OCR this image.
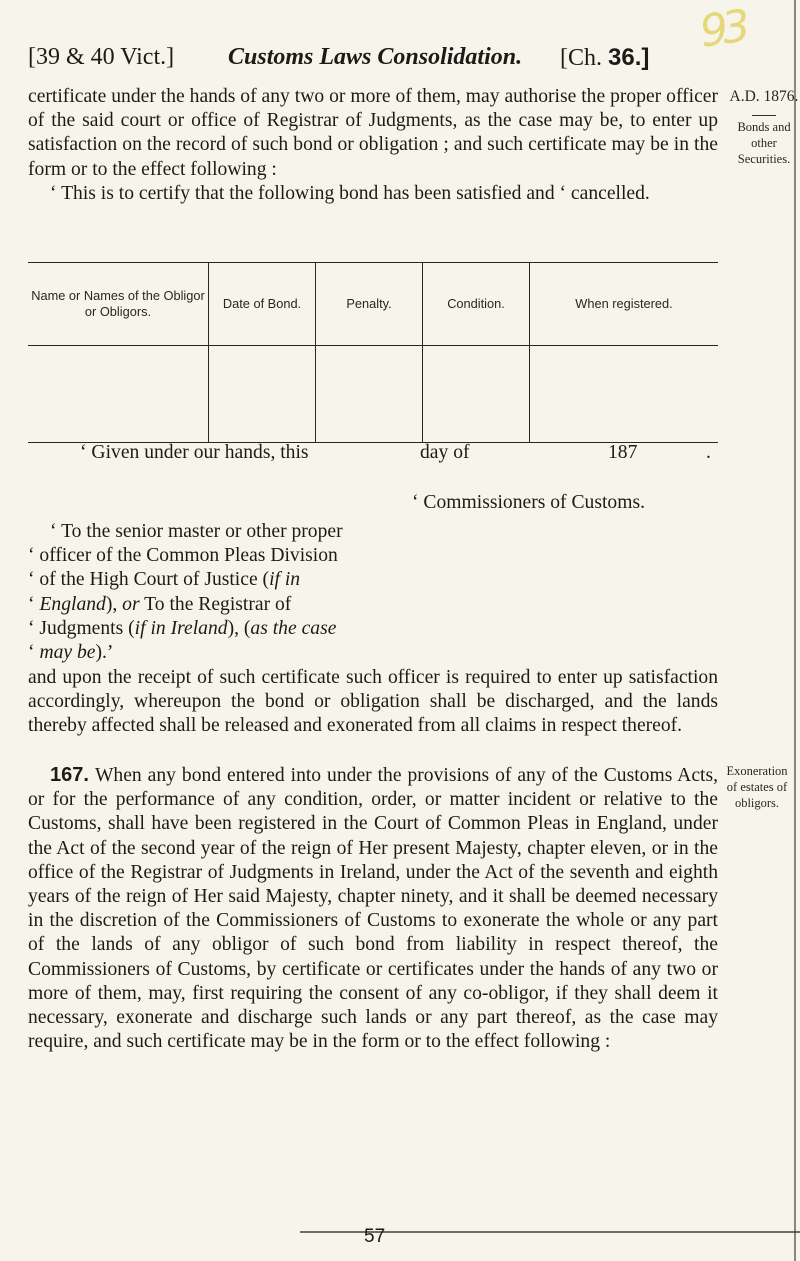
93
[39 & 40 Vict.] Customs Laws Consolidation. [Ch. 36.]
A.D. 1876.
Bonds and
other
Securities.
certificate under the hands of any two or more of them, may authorise the proper officer of the said court or office of Registrar of Judgments, as the case may be, to enter up satisfaction on the record of such bond or obligation ; and such certificate may be in the form or to the effect following :
‘ This is to certify that the following bond has been satisfied and ‘ cancelled.
Name or Names of the Obligor or Obligors.	Date of Bond.	Penalty.	Condition.	When registered.

‘ Given under our hands, this	day of	187	.
‘ Commissioners of Customs.
‘ To the senior master or other proper
‘ officer of the Common Pleas Division
‘ of the High Court of Justice (if in
‘ England), or To the Registrar of
‘ Judgments (if in Ireland), (as the case
‘ may be).’
and upon the receipt of such certificate such officer is required to enter up satisfaction accordingly, whereupon the bond or obligation shall be discharged, and the lands thereby affected shall be released and exonerated from all claims in respect thereof.
Exoneration
of estates of
obligors.
167. When any bond entered into under the provisions of any of the Customs Acts, or for the performance of any condition, order, or matter incident or relative to the Customs, shall have been registered in the Court of Common Pleas in England, under the Act of the second year of the reign of Her present Majesty, chapter eleven, or in the office of the Registrar of Judgments in Ireland, under the Act of the seventh and eighth years of the reign of Her said Majesty, chapter ninety, and it shall be deemed necessary in the discretion of the Commissioners of Customs to exonerate the whole or any part of the lands of any obligor of such bond from liability in respect thereof, the Commissioners of Customs, by certificate or certificates under the hands of any two or more of them, may, first requiring the consent of any co-obligor, if they shall deem it necessary, exonerate and discharge such lands or any part thereof, as the case may require, and such certificate may be in the form or to the effect following :
57
